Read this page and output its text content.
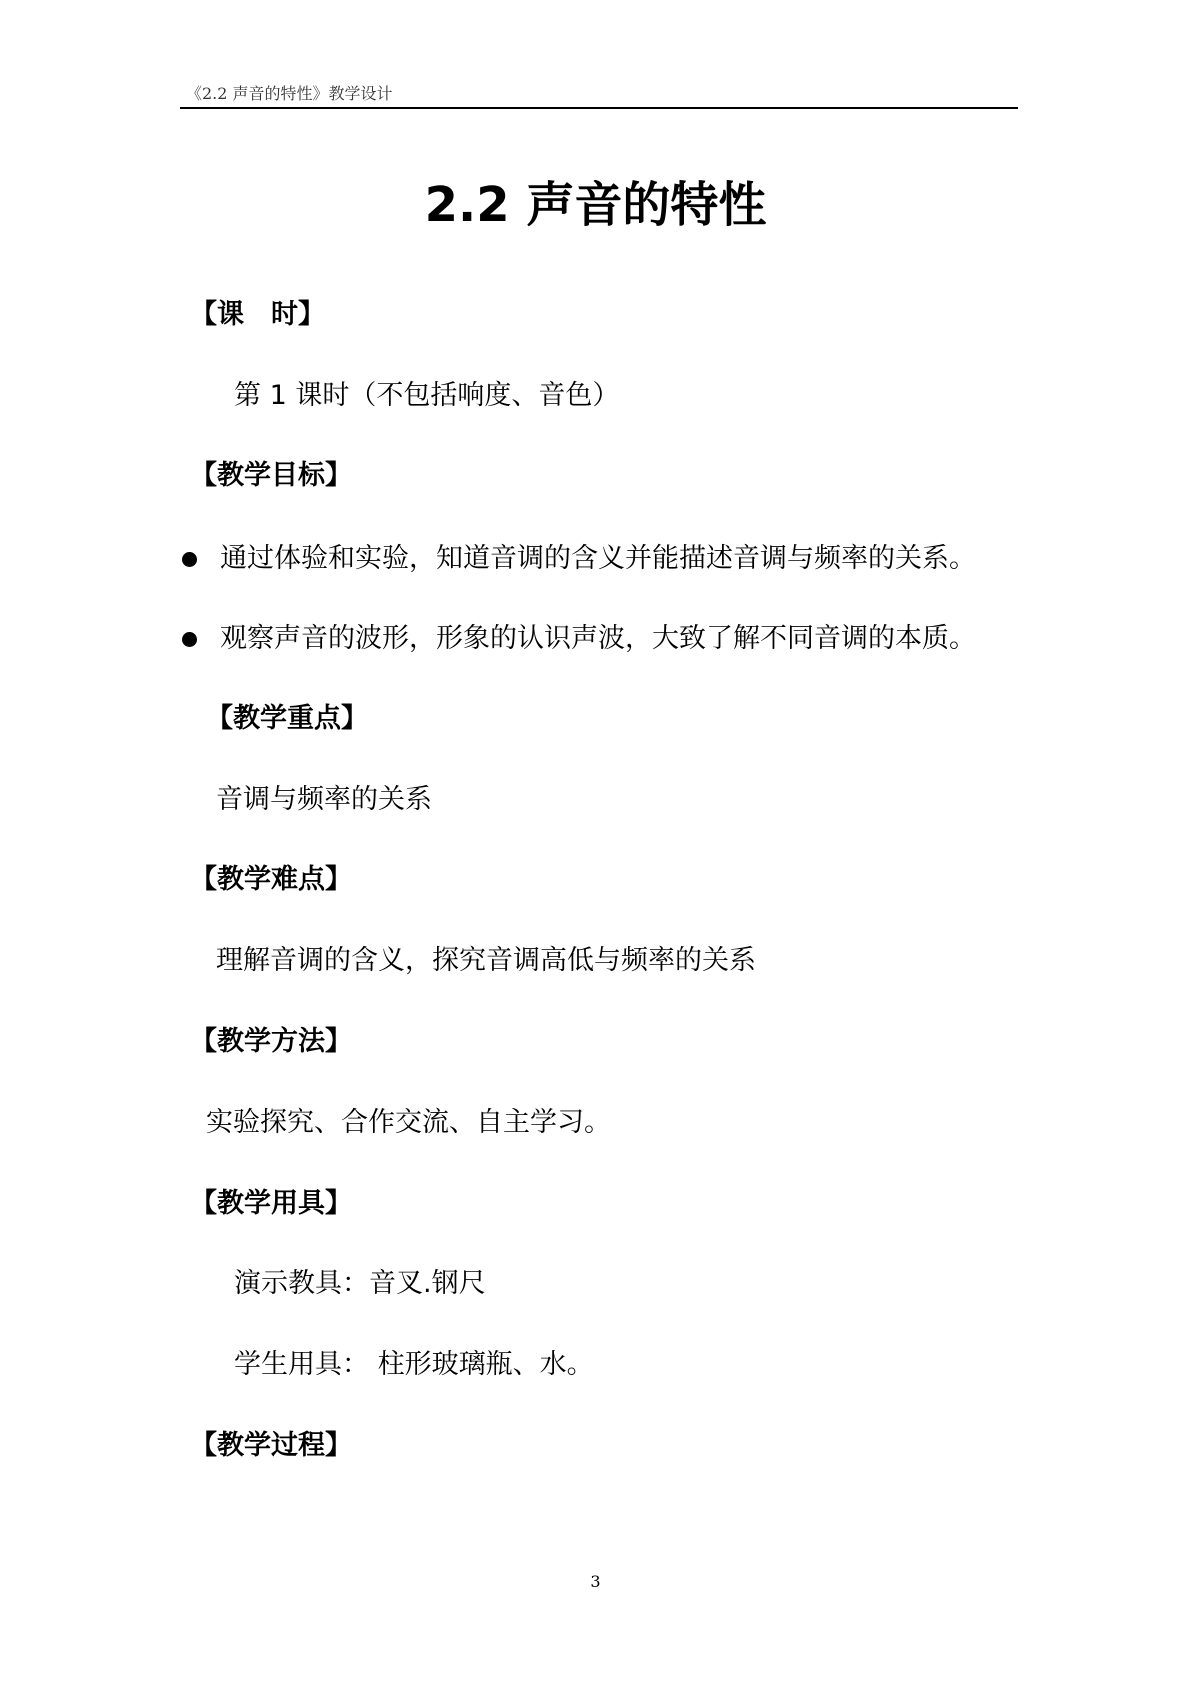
《2.2 声音的特性》教学设计
2.2 声音的特性
【课　时】
第 1 课时（不包括响度、音色）
【教学目标】
通过体验和实验，知道音调的含义并能描述音调与频率的关系。
观察声音的波形，形象的认识声波，大致了解不同音调的本质。
【教学重点】
音调与频率的关系
【教学难点】
理解音调的含义，探究音调高低与频率的关系
【教学方法】
实验探究、合作交流、自主学习。
【教学用具】
演示教具：音叉.钢尺
学生用具： 柱形玻璃瓶、水。
【教学过程】
3
